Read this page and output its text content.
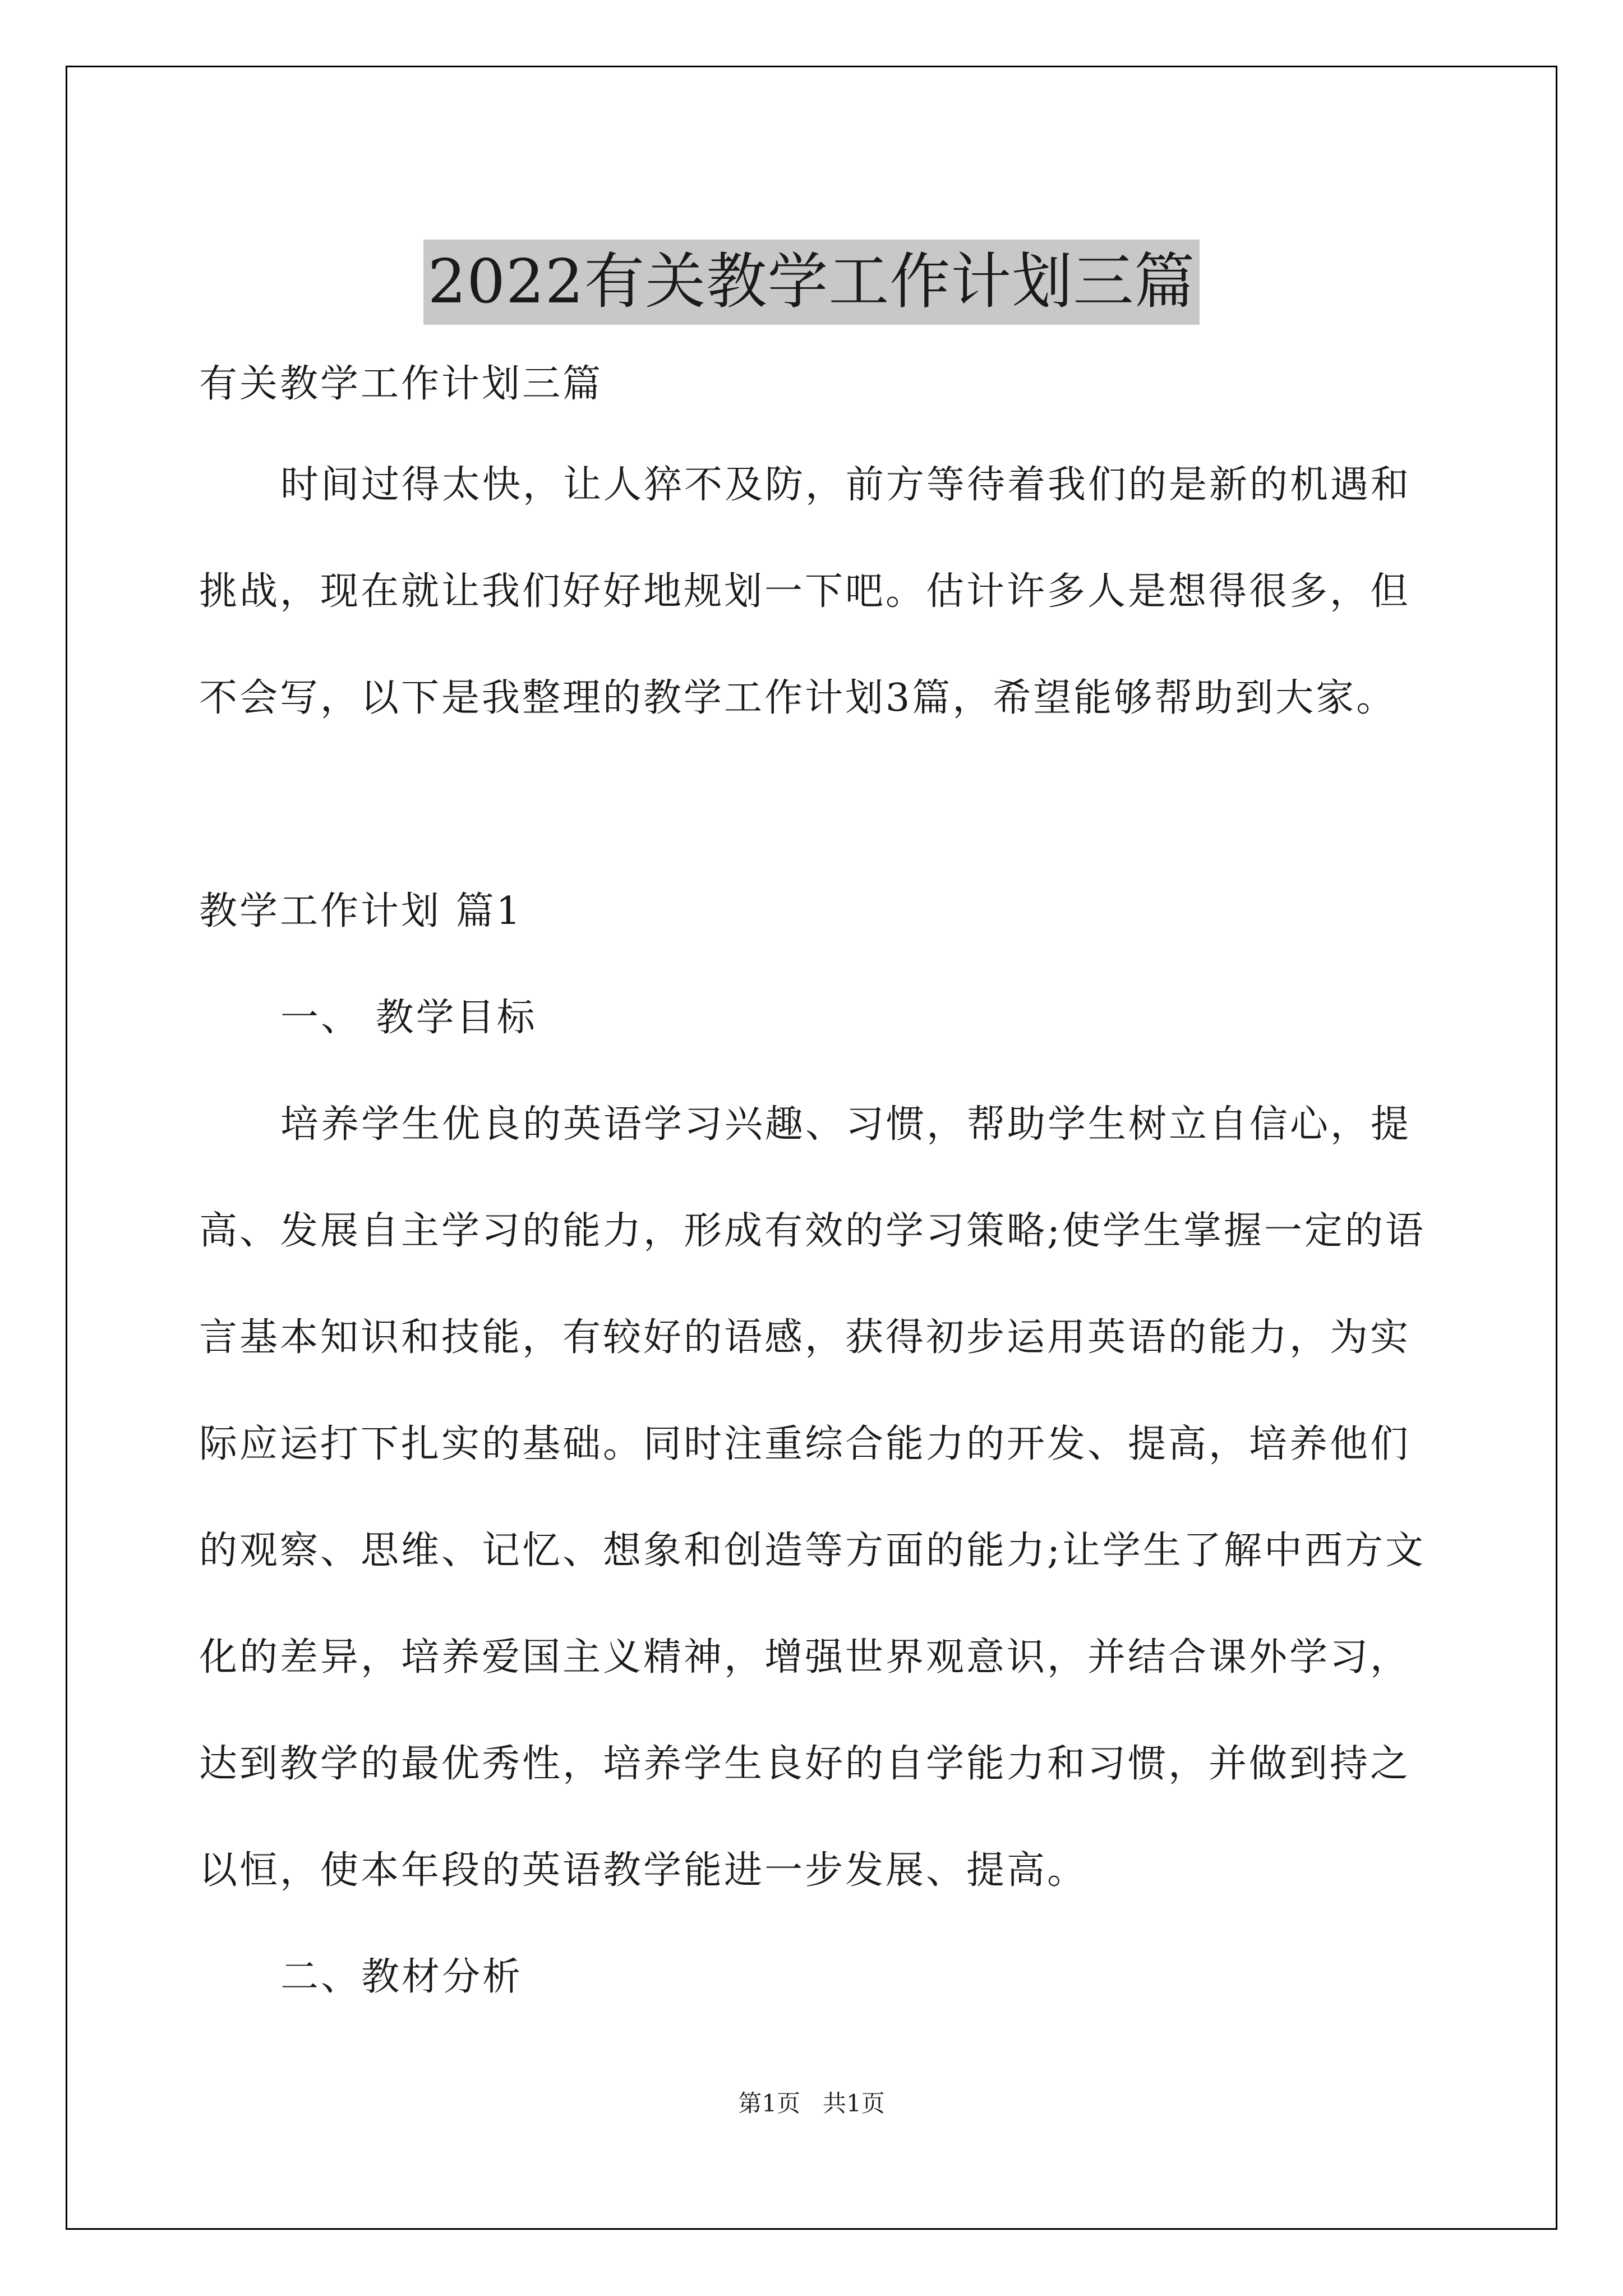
2022有关教学工作计划三篇
有关教学工作计划三篇
时间过得太快，让人猝不及防，前方等待着我们的是新的机遇和
挑战，现在就让我们好好地规划一下吧。估计许多人是想得很多，但
不会写，以下是我整理的教学工作计划3篇，希望能够帮助到大家。
教学工作计划 篇1
一、 教学目标
培养学生优良的英语学习兴趣、习惯，帮助学生树立自信心，提
高、发展自主学习的能力，形成有效的学习策略;使学生掌握一定的语
言基本知识和技能，有较好的语感，获得初步运用英语的能力，为实
际应运打下扎实的基础。同时注重综合能力的开发、提高，培养他们
的观察、思维、记忆、想象和创造等方面的能力;让学生了解中西方文
化的差异，培养爱国主义精神，增强世界观意识，并结合课外学习，
达到教学的最优秀性，培养学生良好的自学能力和习惯，并做到持之
以恒，使本年段的英语教学能进一步发展、提高。
二、教材分析
第1页 共1页
